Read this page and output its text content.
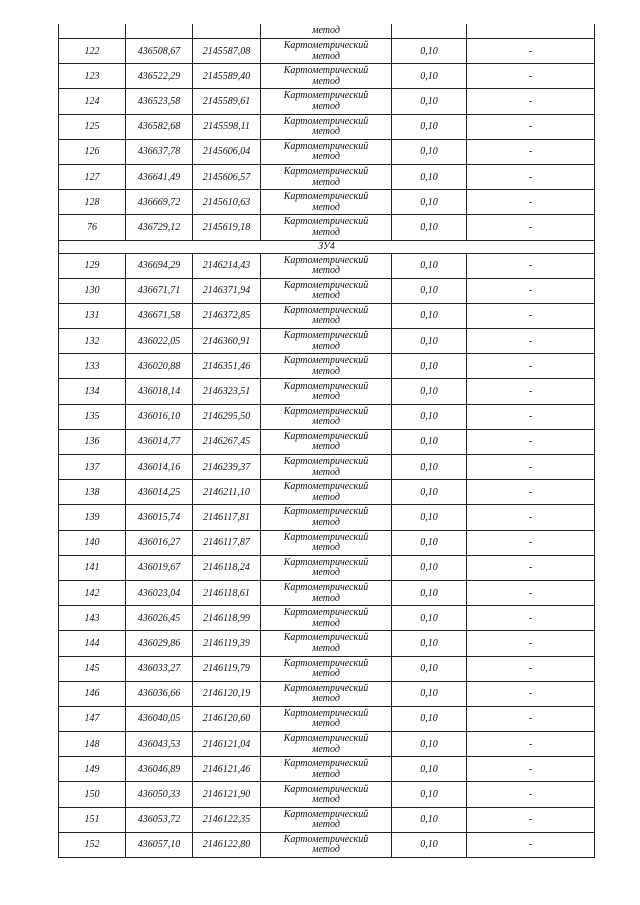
			метод		

122	436508,67	2145587,08	Картометрический
метод	0,10	-
123	436522,29	2145589,40	Картометрический
метод	0,10	-
124	436523,58	2145589,61	Картометрический
метод	0,10	-
125	436582,68	2145598,11	Картометрический
метод	0,10	-
126	436637,78	2145606,04	Картометрический
метод	0,10	-
127	436641,49	2145606,57	Картометрический
метод	0,10	-
128	436669,72	2145610,63	Картометрический
метод	0,10	-
76	436729,12	2145619,18	Картометрический
метод	0,10	-
ЗУ4					
129	436694,29	2146214,43	Картометрический
метод	0,10	-
130	436671,71	2146371,94	Картометрический
метод	0,10	-
131	436671,58	2146372,85	Картометрический
метод	0,10	-
132	436022,05	2146360,91	Картометрический
метод	0,10	-
133	436020,88	2146351,46	Картометрический
метод	0,10	-
134	436018,14	2146323,51	Картометрический
метод	0,10	-
135	436016,10	2146295,50	Картометрический
метод	0,10	-
136	436014,77	2146267,45	Картометрический
метод	0,10	-
137	436014,16	2146239,37	Картометрический
метод	0,10	-
138	436014,25	2146211,10	Картометрический
метод	0,10	-
139	436015,74	2146117,81	Картометрический
метод	0,10	-
140	436016,27	2146117,87	Картометрический
метод	0,10	-
141	436019,67	2146118,24	Картометрический
метод	0,10	-
142	436023,04	2146118,61	Картометрический
метод	0,10	-
143	436026,45	2146118,99	Картометрический
метод	0,10	-
144	436029,86	2146119,39	Картометрический
метод	0,10	-
145	436033,27	2146119,79	Картометрический
метод	0,10	-
146	436036,66	2146120,19	Картометрический
метод	0,10	-
147	436040,05	2146120,60	Картометрический
метод	0,10	-
148	436043,53	2146121,04	Картометрический
метод	0,10	-
149	436046,89	2146121,46	Картометрический
метод	0,10	-
150	436050,33	2146121,90	Картометрический
метод	0,10	-
151	436053,72	2146122,35	Картометрический
метод	0,10	-
152	436057,10	2146122,80	Картометрический
метод	0,10	-
